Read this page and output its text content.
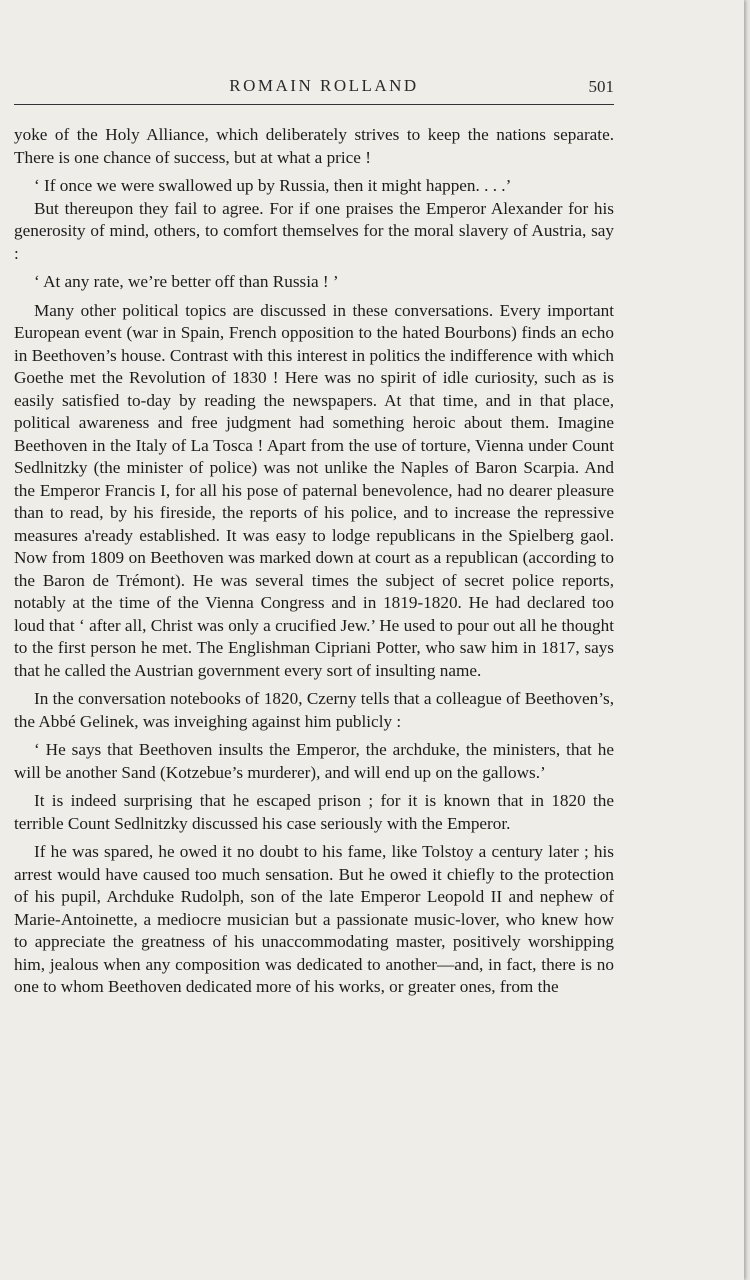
ROMAIN ROLLAND	501

yoke of the Holy Alliance, which deliberately strives to keep the nations separate. There is one chance of success, but at what a price !

‘ If once we were swallowed up by Russia, then it might happen. . . .’

But thereupon they fail to agree. For if one praises the Emperor Alexander for his generosity of mind, others, to comfort themselves for the moral slavery of Austria, say :

‘ At any rate, we’re better off than Russia ! ’

Many other political topics are discussed in these conversations. Every important European event (war in Spain, French opposition to the hated Bourbons) finds an echo in Beethoven’s house. Contrast with this interest in politics the indifference with which Goethe met the Revolution of 1830 ! Here was no spirit of idle curiosity, such as is easily satisfied to-day by reading the newspapers. At that time, and in that place, political awareness and free judgment had something heroic about them. Imagine Beethoven in the Italy of La Tosca ! Apart from the use of torture, Vienna under Count Sedlnitzky (the minister of police) was not unlike the Naples of Baron Scarpia. And the Emperor Francis I, for all his pose of paternal benevolence, had no dearer pleasure than to read, by his fireside, the reports of his police, and to increase the repressive measures a'ready established. It was easy to lodge republicans in the Spielberg gaol. Now from 1809 on Beethoven was marked down at court as a republican (according to the Baron de Trémont). He was several times the subject of secret police reports, notably at the time of the Vienna Congress and in 1819-1820. He had declared too loud that ‘ after all, Christ was only a crucified Jew.’ He used to pour out all he thought to the first person he met. The Englishman Cipriani Potter, who saw him in 1817, says that he called the Austrian government every sort of insulting name.

In the conversation notebooks of 1820, Czerny tells that a colleague of Beethoven’s, the Abbé Gelinek, was inveighing against him publicly :

‘ He says that Beethoven insults the Emperor, the archduke, the ministers, that he will be another Sand (Kotzebue’s murderer), and will end up on the gallows.’

It is indeed surprising that he escaped prison ; for it is known that in 1820 the terrible Count Sedlnitzky discussed his case seriously with the Emperor.

If he was spared, he owed it no doubt to his fame, like Tolstoy a century later ; his arrest would have caused too much sensation. But he owed it chiefly to the protection of his pupil, Archduke Rudolph, son of the late Emperor Leopold II and nephew of Marie-Antoinette, a mediocre musician but a passionate music-lover, who knew how to appreciate the greatness of his unaccommodating master, positively worshipping him, jealous when any composition was dedicated to another—and, in fact, there is no one to whom Beethoven dedicated more of his works, or greater ones, from the
